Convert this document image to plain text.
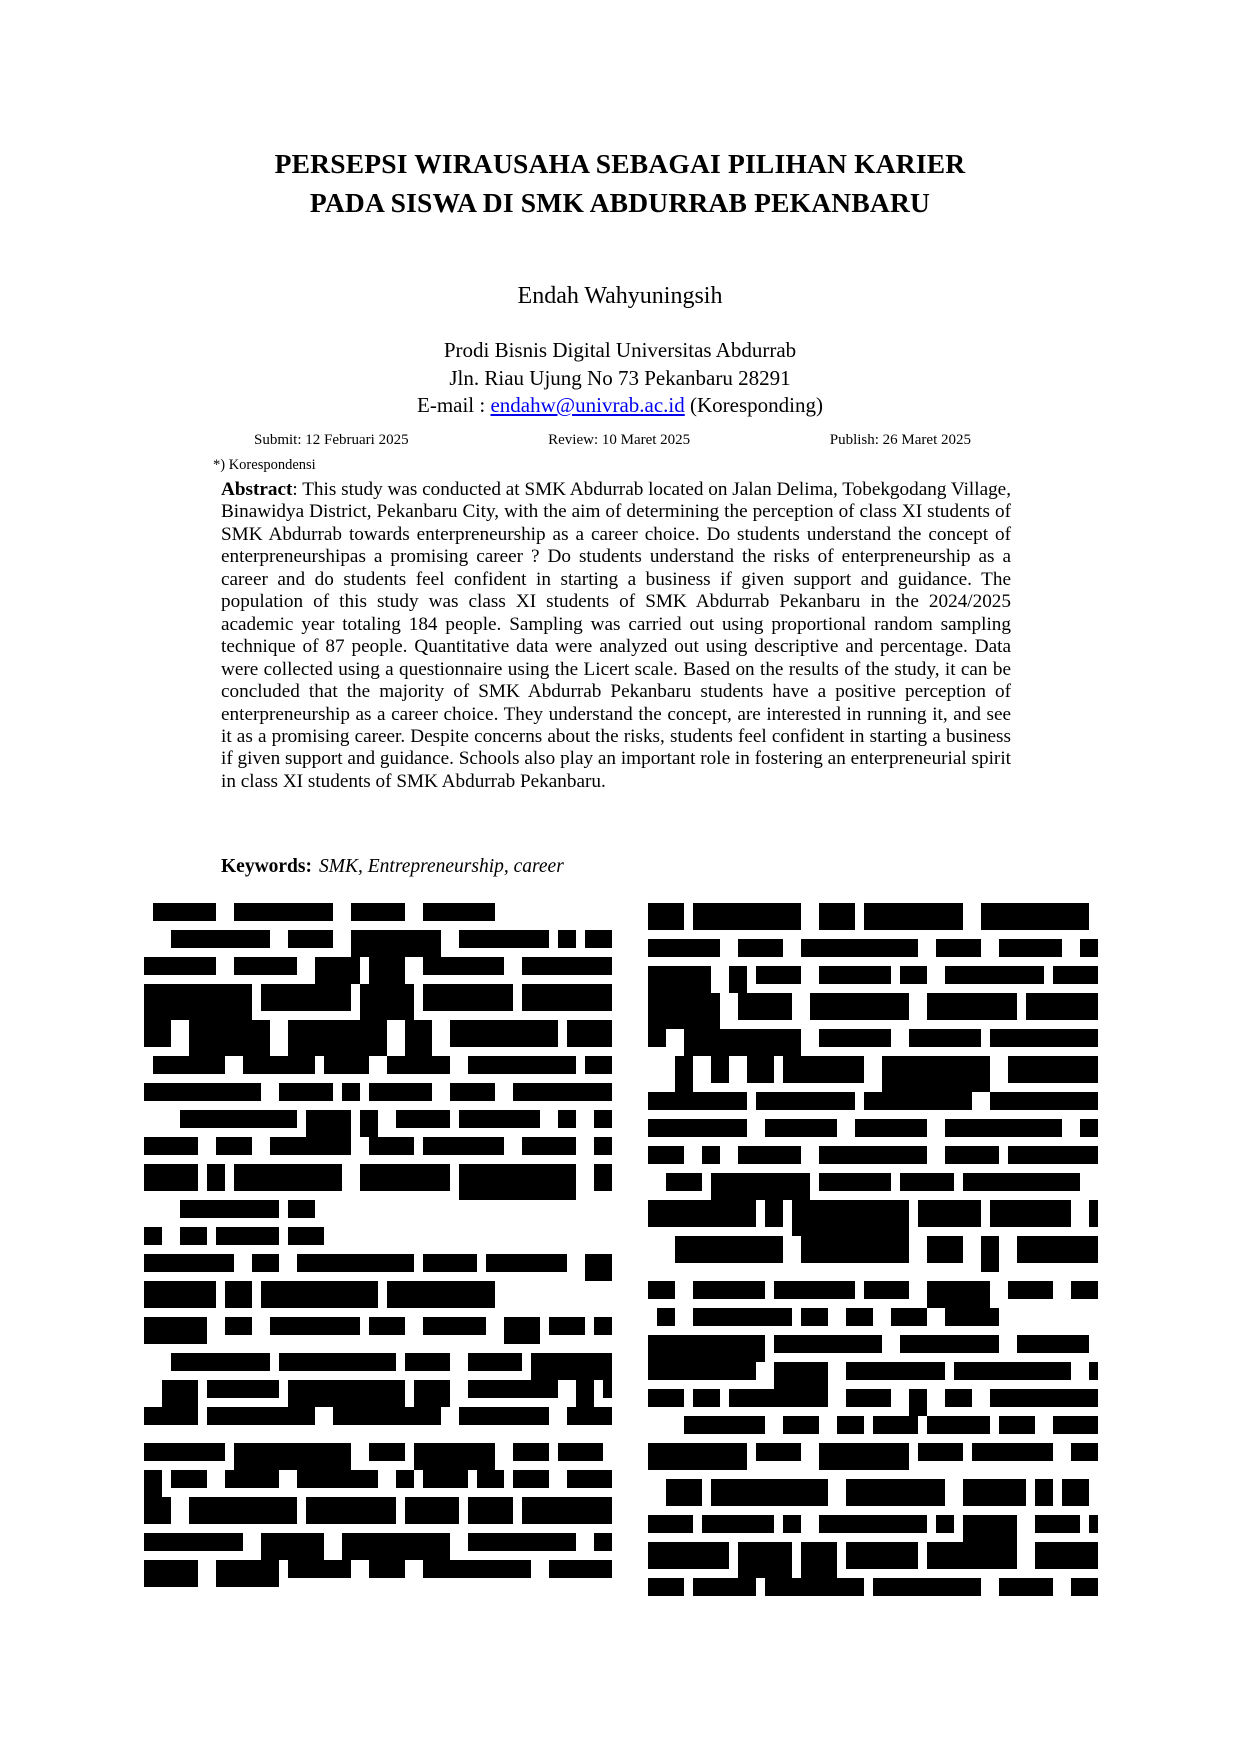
PERSEPSI WIRAUSAHA SEBAGAI PILIHAN KARIER
PADA SISWA DI SMK ABDURRAB PEKANBARU
Endah Wahyuningsih
Prodi Bisnis Digital Universitas Abdurrab
Jln. Riau Ujung No 73 Pekanbaru 28291
E-mail : endahw@univrab.ac.id (Koresponding)
Submit: 12 Februari 2025	Review: 10 Maret 2025	Publish: 26 Maret 2025
*) Korespondensi
Abstract: This study was conducted at SMK Abdurrab located on Jalan Delima, Tobekgodang Village, Binawidya District, Pekanbaru City, with the aim of determining the perception of class XI students of SMK Abdurrab towards enterpreneurship as a career choice. Do students understand the concept of enterpreneurshipas a promising career ? Do students understand the risks of enterpreneurship as a career and do students feel confident in starting a business if given support and guidance. The population of this study was class XI students of SMK Abdurrab Pekanbaru in the 2024/2025 academic year totaling 184 people. Sampling was carried out using proportional random sampling technique of 87 people. Quantitative data were analyzed out using descriptive and percentage. Data were collected using a questionnaire using the Licert scale. Based on the results of the study, it can be concluded that the majority of SMK Abdurrab Pekanbaru students have a positive perception of enterpreneurship as a career choice. They understand the concept, are interested in running it, and see it as a promising career. Despite concerns about the risks, students feel confident in starting a business if given support and guidance. Schools also play an important role in fostering an enterpreneurial spirit in class XI students of SMK Abdurrab Pekanbaru.
Keywords: SMK, Entrepreneurship, career
